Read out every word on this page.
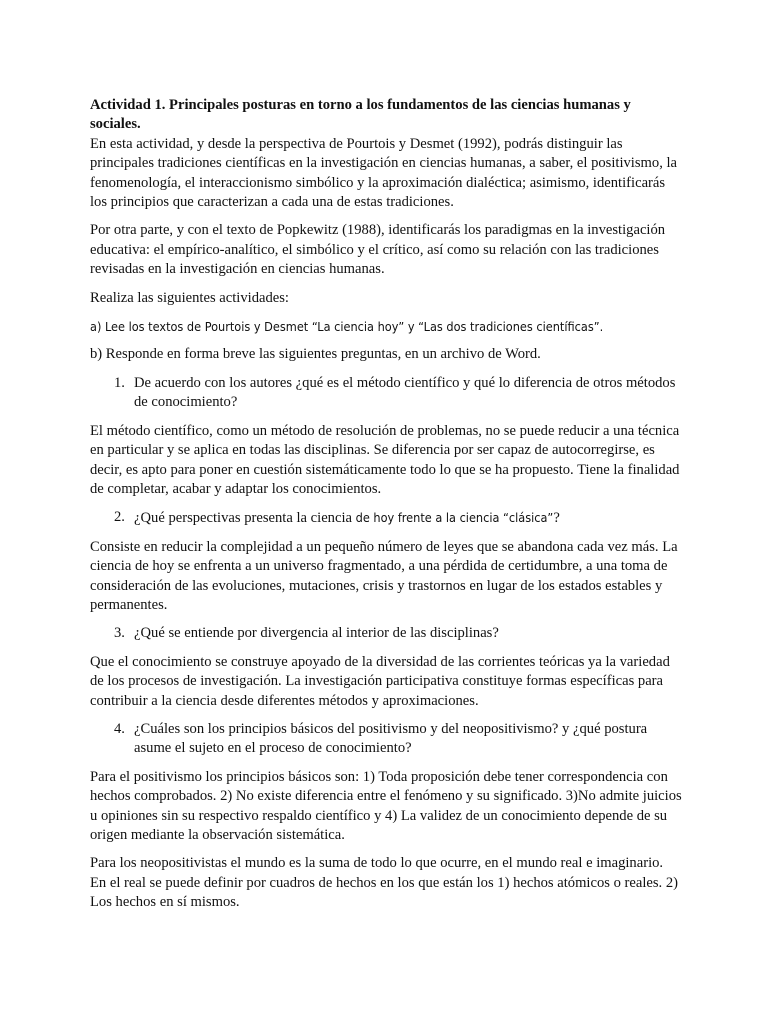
Actividad 1. Principales posturas en torno a los fundamentos de las ciencias humanas y sociales.

En esta actividad, y desde la perspectiva de Pourtois y Desmet (1992), podrás distinguir las principales tradiciones científicas en la investigación en ciencias humanas, a saber, el positivismo, la fenomenología, el interaccionismo simbólico y la aproximación dialéctica; asimismo, identificarás los principios que caracterizan a cada una de estas tradiciones.

Por otra parte, y con el texto de Popkewitz (1988), identificarás los paradigmas en la investigación educativa: el empírico-analítico, el simbólico y el crítico, así como su relación con las tradiciones revisadas en la investigación en ciencias humanas.

Realiza las siguientes actividades:

a) Lee los textos de Pourtois y Desmet “La ciencia hoy” y “Las dos tradiciones científicas”.

b) Responde en forma breve las siguientes preguntas, en un archivo de Word.

1. De acuerdo con los autores ¿qué es el método científico y qué lo diferencia de otros métodos de conocimiento?

El método científico, como un método de resolución de problemas, no se puede reducir a una técnica en particular y se aplica en todas las disciplinas. Se diferencia por ser capaz de autocorregirse, es decir, es apto para poner en cuestión sistemáticamente todo lo que se ha propuesto. Tiene la finalidad de completar, acabar y adaptar los conocimientos.

2. ¿Qué perspectivas presenta la ciencia de hoy frente a la ciencia “clásica”?

Consiste en reducir la complejidad a un pequeño número de leyes que se abandona cada vez más. La ciencia de hoy se enfrenta a un universo fragmentado, a una pérdida de certidumbre, a una toma de consideración de las evoluciones, mutaciones, crisis y trastornos en lugar de los estados estables y permanentes.

3. ¿Qué se entiende por divergencia al interior de las disciplinas?

Que el conocimiento se construye apoyado de la diversidad de las corrientes teóricas ya la variedad de los procesos de investigación. La investigación participativa constituye formas específicas para contribuir a la ciencia desde diferentes métodos y aproximaciones.

4. ¿Cuáles son los principios básicos del positivismo y del neopositivismo? y ¿qué postura asume el sujeto en el proceso de conocimiento?

Para el positivismo los principios básicos son: 1) Toda proposición debe tener correspondencia con hechos comprobados. 2) No existe diferencia entre el fenómeno y su significado. 3)No admite juicios u opiniones sin su respectivo respaldo científico y 4) La validez de un conocimiento depende de su origen mediante la observación sistemática.

Para los neopositivistas el mundo es la suma de todo lo que ocurre, en el mundo real e imaginario. En el real se puede definir por cuadros de hechos en los que están los 1) hechos atómicos o reales. 2) Los hechos en sí mismos.
